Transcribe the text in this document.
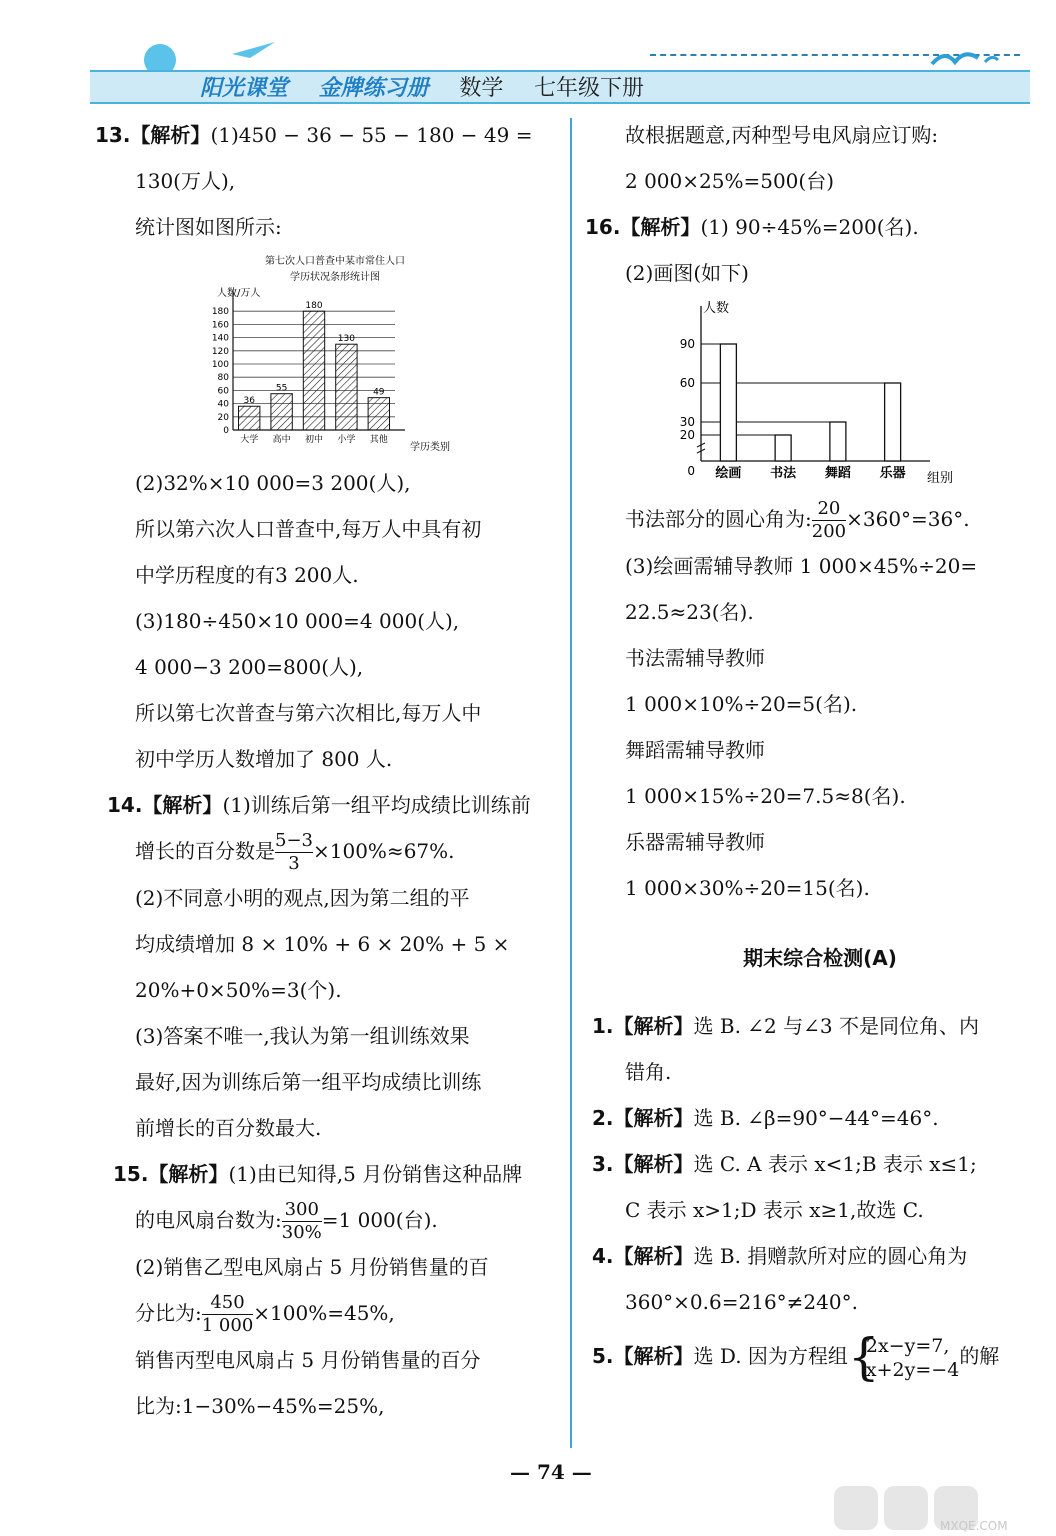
阳光课堂 金牌练习册 数学 七年级下册

13.【解析】(1)450 − 36 − 55 − 180 − 49 =

130(万人),

统计图如图所示:

第七次人口普查中某市常住人口
学历状况条形统计图
人数/万人
学历类别
36
55
180
130
49
0
20
40
60
80
100
120
140
160
180
大学 高中 初中 小学 其他

(2)32%×10 000=3 200(人),

所以第六次人口普查中,每万人中具有初

中学历程度的有3 200人.

(3)180÷450×10 000=4 000(人),

4 000−3 200=800(人),

所以第七次普查与第六次相比,每万人中

初中学历人数增加了 800 人.

14.【解析】(1)训练后第一组平均成绩比训练前

增长的百分数是 $\frac{5-3}{3} \times 100\%\approx 67\%$.

(2)不同意小明的观点,因为第二组的平

均成绩增加 8 × 10% + 6 × 20% + 5 ×

20%+0×50%=3(个).

(3)答案不唯一,我认为第一组训练效果

最好,因为训练后第一组平均成绩比训练

前增长的百分数最大.

15.【解析】(1)由已知得,5 月份销售这种品牌

的电风扇台数为: $\frac{300}{30\%} =1$ 000(台).

(2)销售乙型电风扇占 5 月份销售量的百

分比为: $\frac{450}{1 000} \times 100\%=45\%$,

销售丙型电风扇占 5 月份销售量的百分

比为:1−30%−45%=25%,

故根据题意,丙种型号电风扇应订购:

2 000×25%=500(台)

16.【解析】(1) 90÷45%=200(名).

(2)画图(如下)

人数
组别
0
20
30
60
90
绘画 书法 舞蹈 乐器

书法部分的圆心角为: $\frac{20}{200} \times 360^\circ=36^\circ$.

(3)绘画需辅导教师 1 000×45%÷20=

22.5≈23(名).

书法需辅导教师

1 000×10%÷20=5(名).

舞蹈需辅导教师

1 000×15%÷20=7.5≈8(名).

乐器需辅导教师

1 000×30%÷20=15(名).

期末综合检测(A)

1.【解析】选 B. ∠2 与∠3 不是同位角、内

错角.

2.【解析】选 B. ∠β=90°−44°=46°.

3.【解析】选 C. A 表示 x<1;B 表示 x≤1;

C 表示 x>1;D 表示 x≥1,故选 C.

4.【解析】选 B. 捐赠款所对应的圆心角为

360°×0.6=216°≠240°.

5.【解析】选 D. 因为方程组 {
2x−y=7,
x+2y=−4
的解

— 74 —
MXQE.COM
